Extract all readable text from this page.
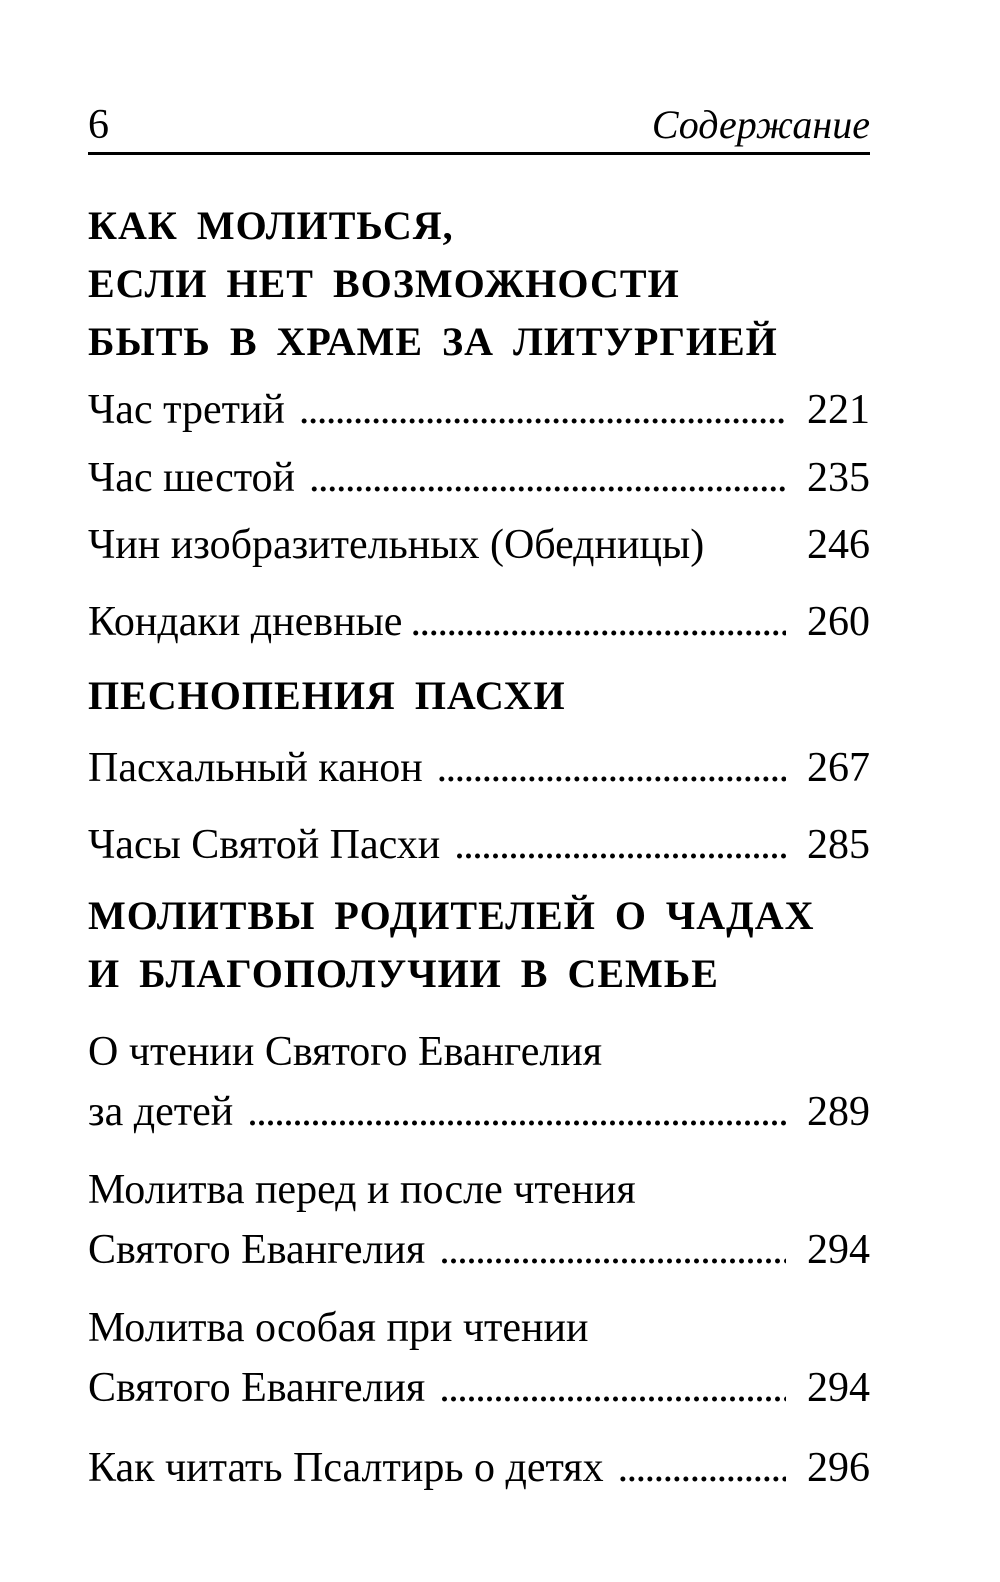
6	Содержание
КАК МОЛИТЬСЯ,
ЕСЛИ НЕТ ВОЗМОЖНОСТИ
БЫТЬ В ХРАМЕ ЗА ЛИТУРГИЕЙ
Час третий . . .	221
Час шестой . . .	235
Чин изобразительных (Обедницы) 246
Кондаки дневные . . .	260
ПЕСНОПЕНИЯ ПАСХИ
Пасхальный канон . . .	267
Часы Святой Пасхи . . .	285
МОЛИТВЫ РОДИТЕЛЕЙ О ЧАДАХ
И БЛАГОПОЛУЧИИ В СЕМЬЕ
О чтении Святого Евангелия
за детей . . .	289
Молитва перед и после чтения
Святого Евангелия . . .	294
Молитва особая при чтении
Святого Евангелия . . .	294
Как читать Псалтирь о детях . . .	296
